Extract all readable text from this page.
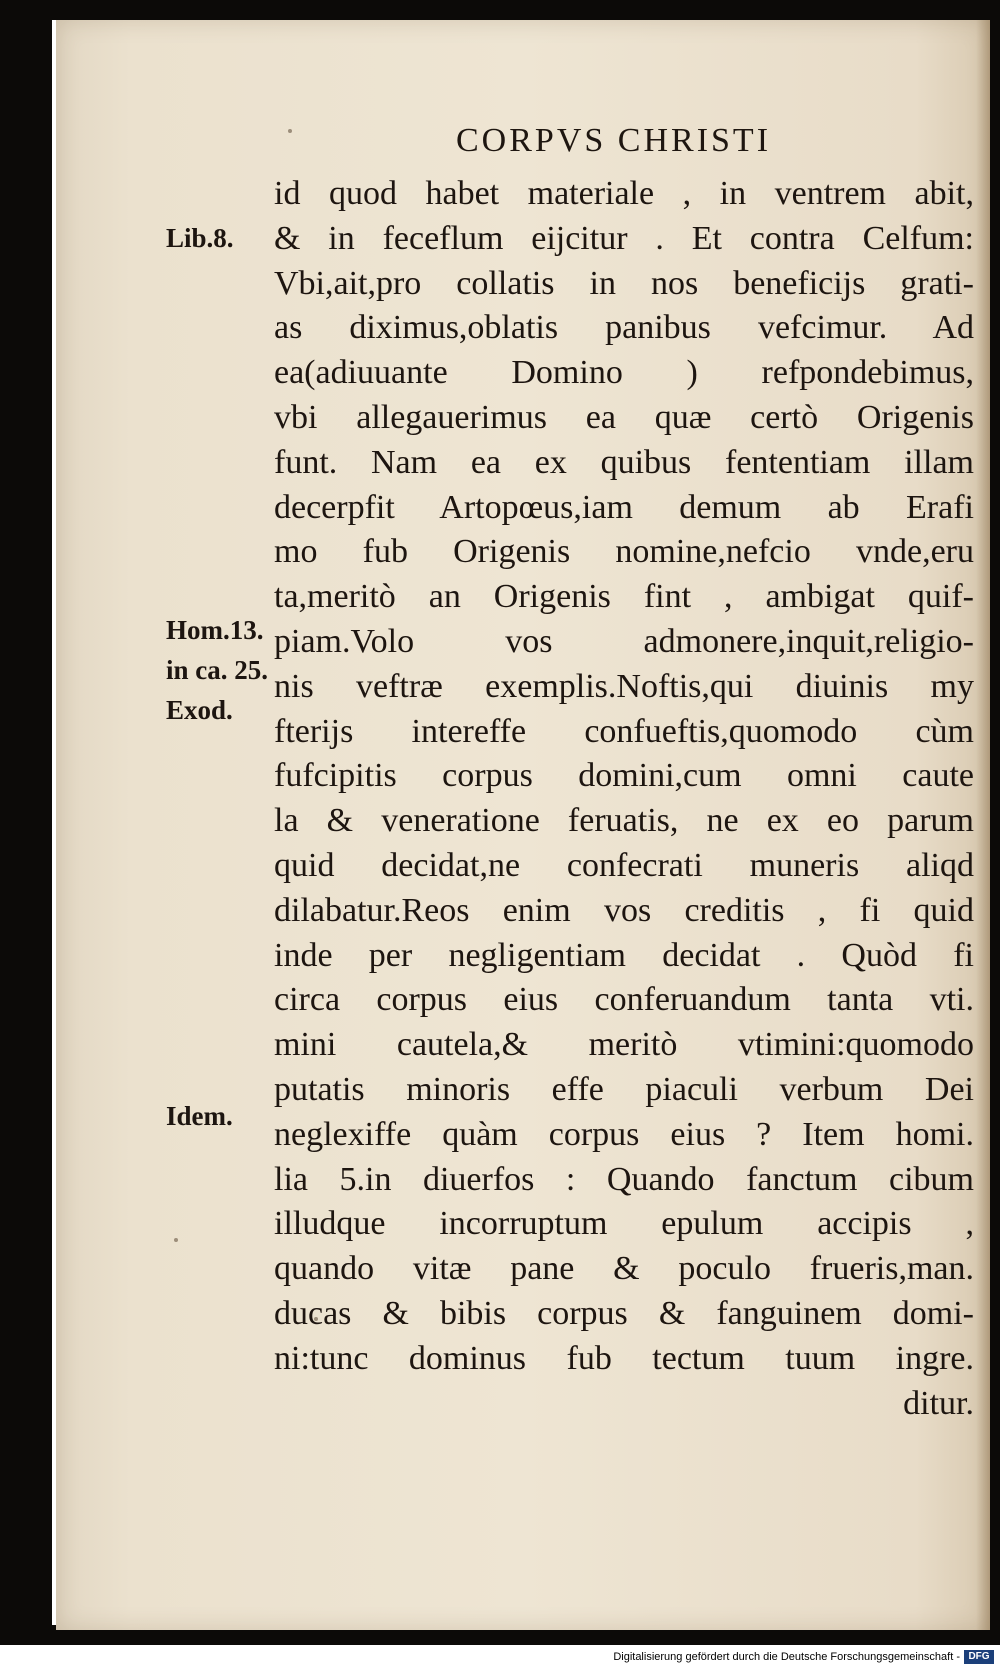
CORPVS CHRISTI
id quod habet materiale , in ventrem abit,
& in feceflum eijcitur . Et contra Celfum:
Vbi,ait,pro collatis in nos beneficijs grati-
as diximus,oblatis panibus vefcimur. Ad
ea(adiuuante Domino ) refpondebimus,
vbi allegauerimus ea quæ certò Origenis
funt. Nam ea ex quibus fententiam illam
decerpfit Artopœus,iam demum ab Erafi
mo fub Origenis nomine,nefcio vnde,eru
ta,meritò an Origenis fint , ambigat quif-
piam.Volo vos admonere,inquit,religio-
nis veftræ exemplis.Noftis,qui diuinis my
fterijs intereffe confueftis,quomodo cùm
fufcipitis corpus domini,cum omni caute
la & veneratione feruatis, ne ex eo parum
quid decidat,ne confecrati muneris aliqd
dilabatur.Reos enim vos creditis , fi quid
inde per negligentiam decidat . Quòd fi
circa corpus eius conferuandum tanta vti.
mini cautela,& meritò vtimini:quomodo
putatis minoris effe piaculi verbum Dei
neglexiffe quàm corpus eius ? Item homi.
lia 5.in diuerfos : Quando fanctum cibum
illudque incorruptum epulum accipis ,
quando vitæ pane & poculo frueris,man.
ducas & bibis corpus & fanguinem domi-
ni:tunc dominus fub tectum tuum ingre.
ditur.
Lib.8.
Hom.13.
in ca. 25.
Exod.
Idem.
Digitalisierung gefördert durch die Deutsche Forschungsgemeinschaft - DFG
